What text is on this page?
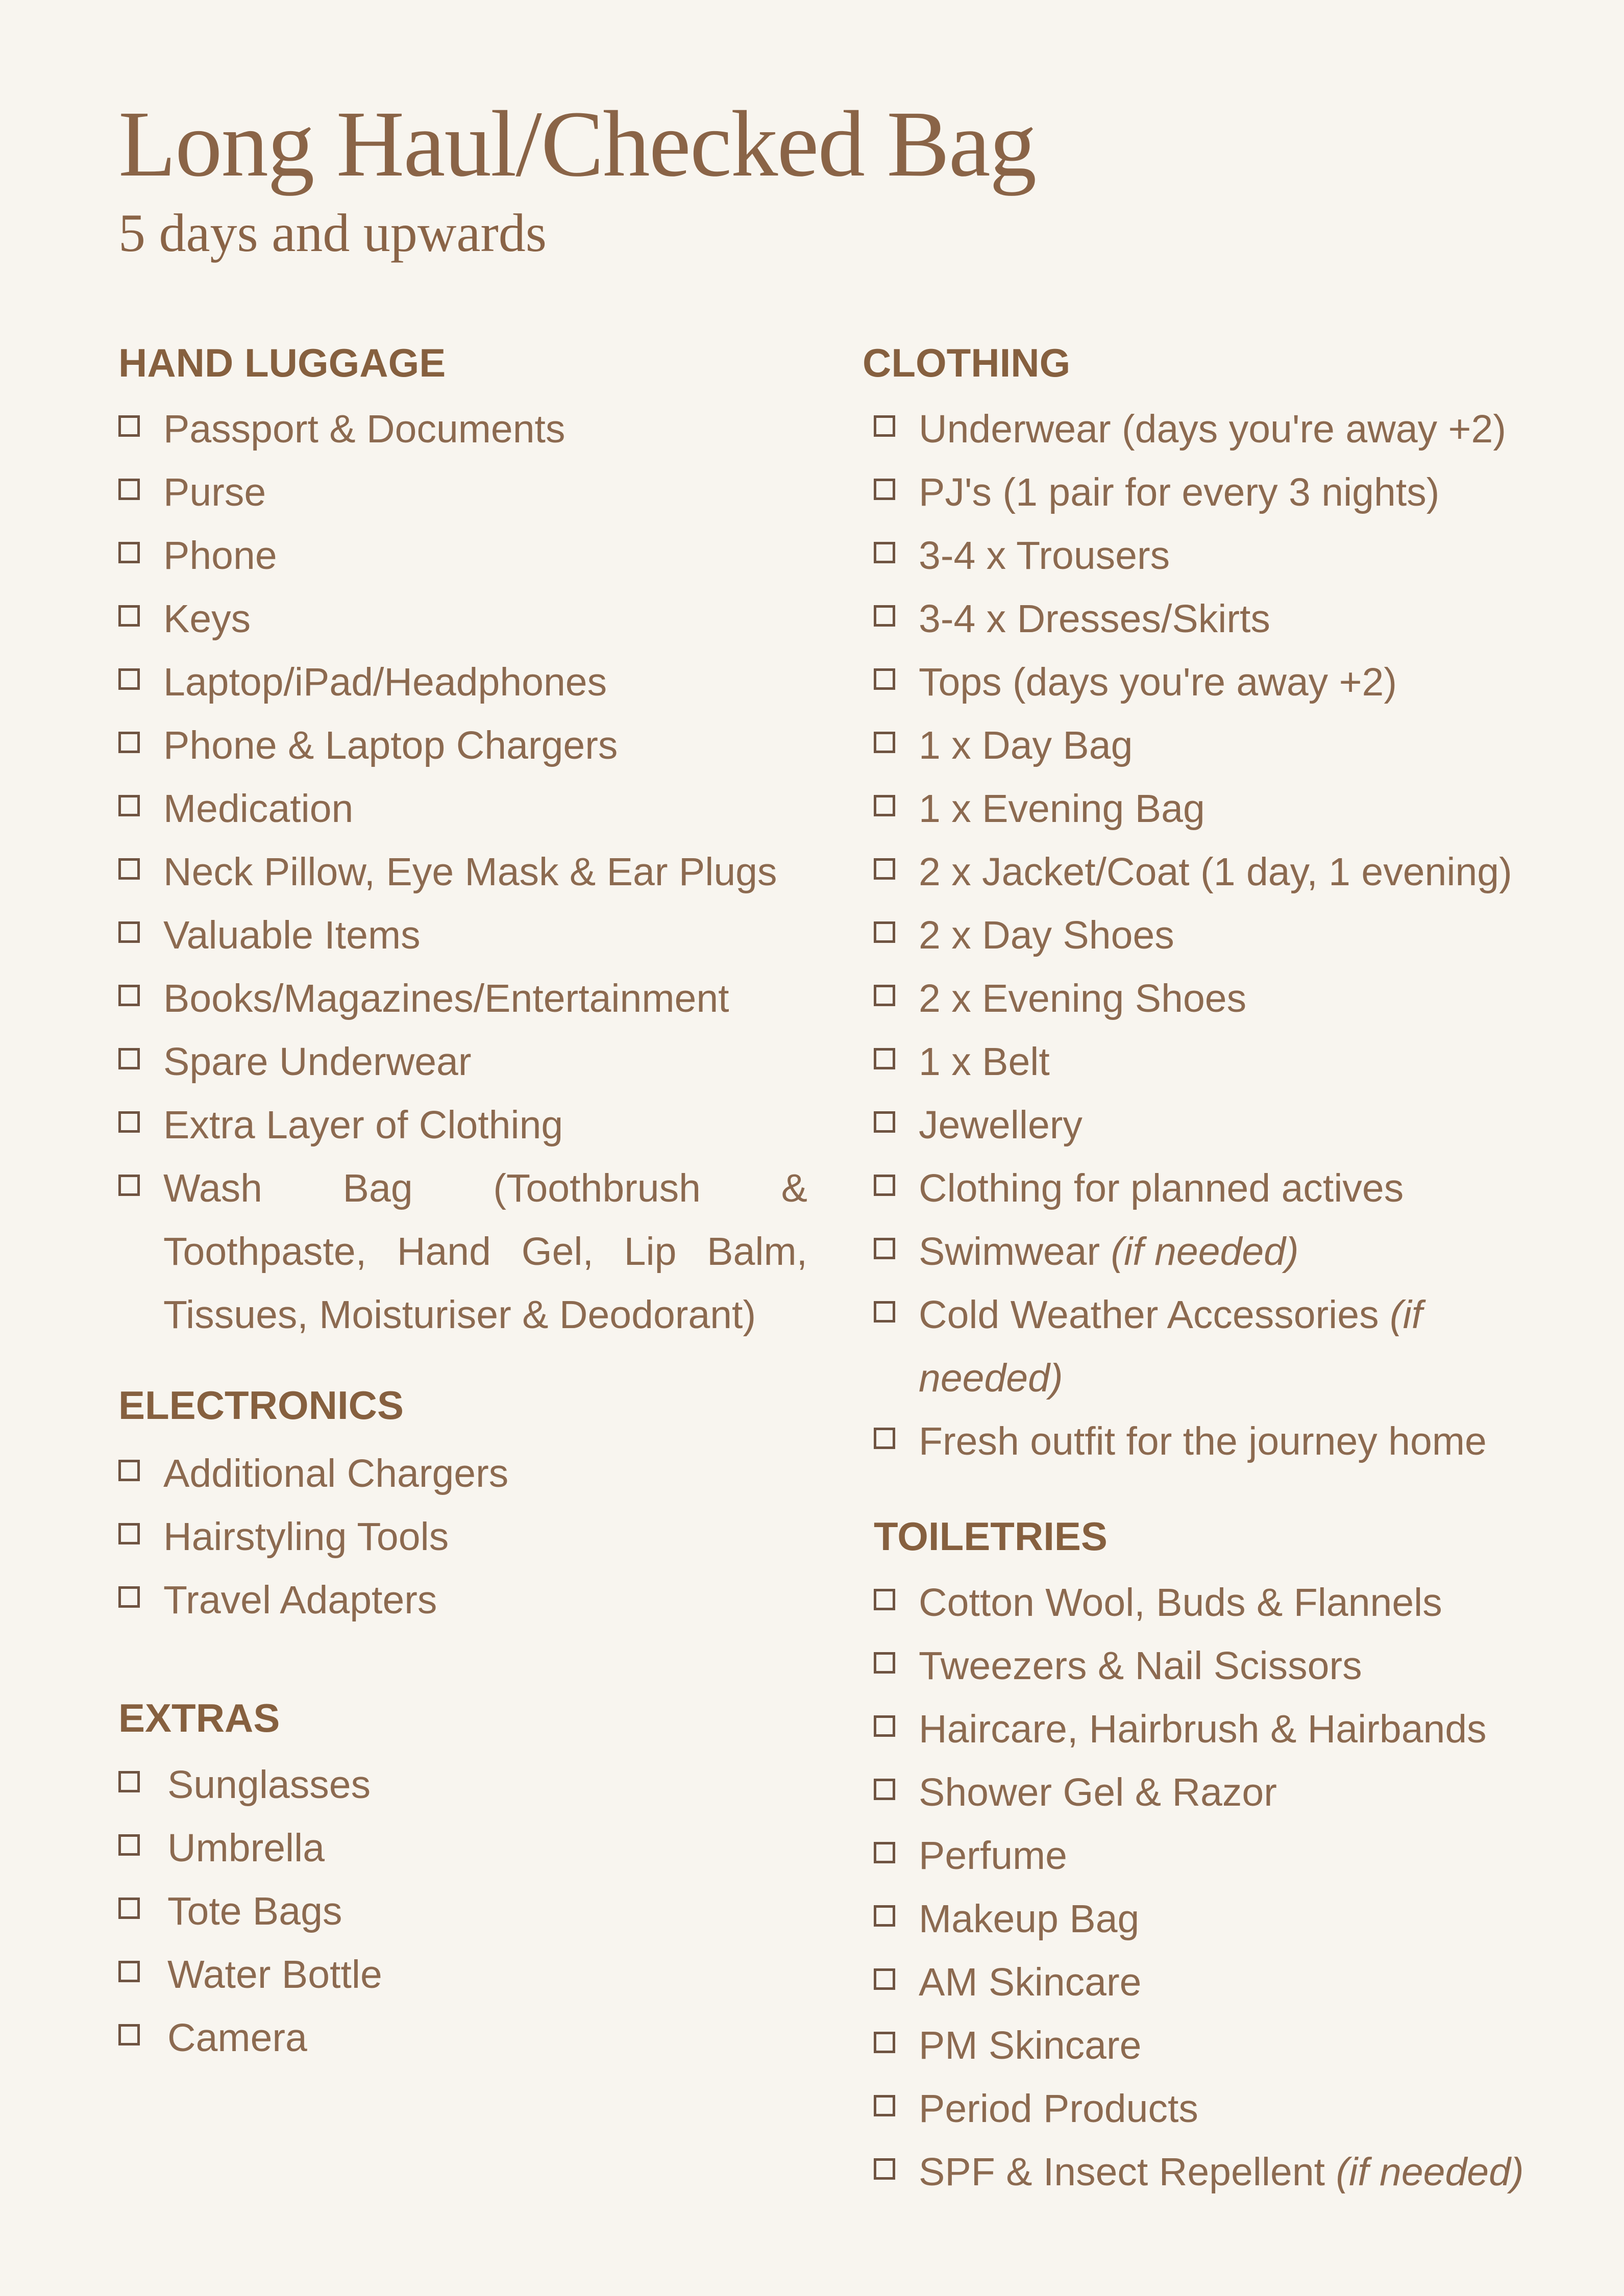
Long Haul/Checked Bag
5 days and upwards
HAND LUGGAGE
Passport & Documents
Purse
Phone
Keys
Laptop/iPad/Headphones
Phone & Laptop Chargers
Medication
Neck Pillow, Eye Mask & Ear Plugs
Valuable Items
Books/Magazines/Entertainment
Spare Underwear
Extra Layer of Clothing
Wash Bag (Toothbrush &
Toothpaste, Hand Gel, Lip Balm,
Tissues, Moisturiser & Deodorant)
ELECTRONICS
Additional Chargers
Hairstyling Tools
Travel Adapters
EXTRAS
Sunglasses
Umbrella
Tote Bags
Water Bottle
Camera
CLOTHING
Underwear (days you're away +2)
PJ's (1 pair for every 3 nights)
3-4 x Trousers
3-4 x Dresses/Skirts
Tops (days you're away +2)
1 x Day Bag
1 x Evening Bag
2 x Jacket/Coat (1 day, 1 evening)
2 x Day Shoes
2 x Evening Shoes
1 x Belt
Jewellery
Clothing for planned actives
Swimwear (if needed)
Cold Weather Accessories (if
needed)
Fresh outfit for the journey home
TOILETRIES
Cotton Wool, Buds & Flannels
Tweezers & Nail Scissors
Haircare, Hairbrush & Hairbands
Shower Gel & Razor
Perfume
Makeup Bag
AM Skincare
PM Skincare
Period Products
SPF & Insect Repellent (if needed)
